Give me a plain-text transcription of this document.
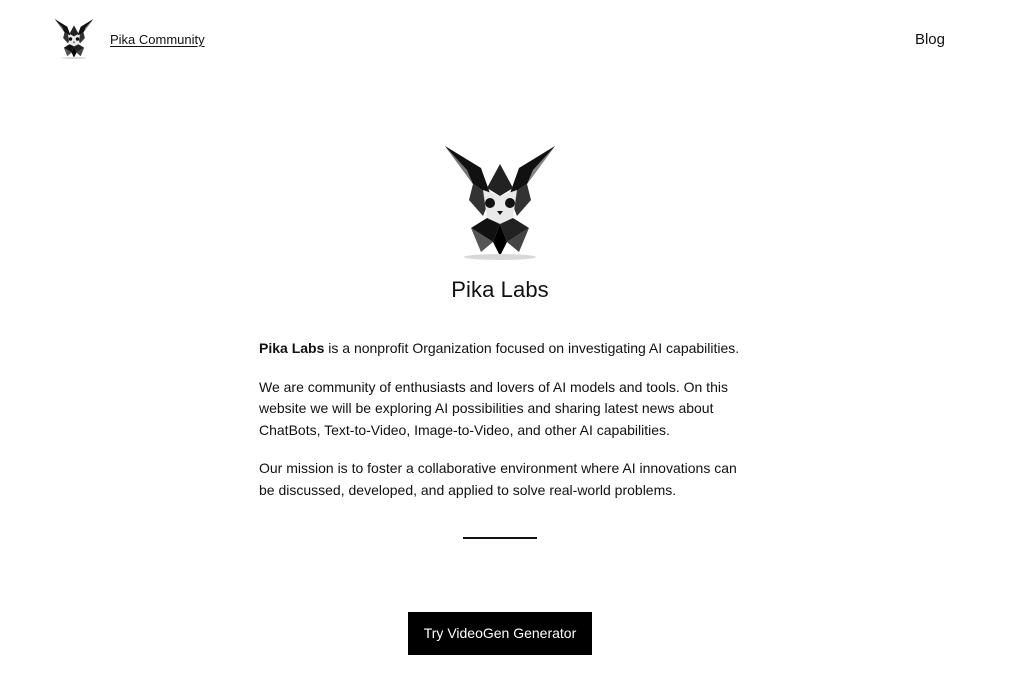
Pika Community	Blog
Pika Labs

Pika Labs is a nonprofit Organization focused on investigating AI capabilities.

We are community of enthusiasts and lovers of AI models and tools. On this website we will be exploring AI possibilities and sharing latest news about ChatBots, Text-to-Video, Image-to-Video, and other AI capabilities.

Our mission is to foster a collaborative environment where AI innovations can be discussed, developed, and applied to solve real-world problems.

Try VideoGen Generator
